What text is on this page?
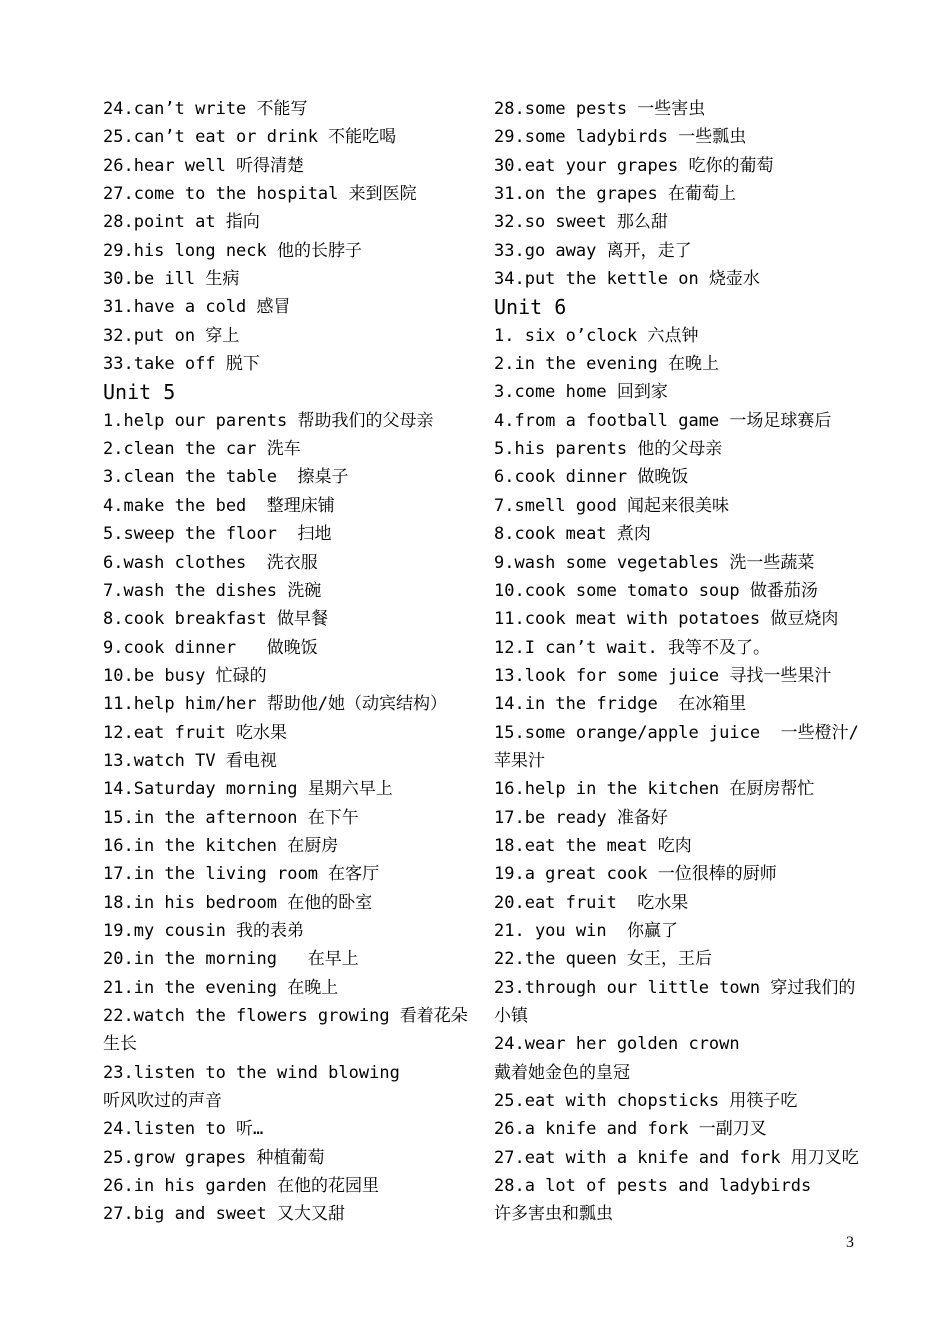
24.can’t write 不能写
25.can’t eat or drink 不能吃喝
26.hear well 听得清楚
27.come to the hospital 来到医院
28.point at 指向
29.his long neck 他的长脖子
30.be ill 生病
31.have a cold 感冒
32.put on 穿上
33.take off 脱下
Unit 5
1.help our parents 帮助我们的父母亲
2.clean the car 洗车
3.clean the table  擦桌子
4.make the bed  整理床铺
5.sweep the floor  扫地
6.wash clothes  洗衣服
7.wash the dishes 洗碗
8.cook breakfast 做早餐
9.cook dinner   做晚饭
10.be busy 忙碌的
11.help him/her 帮助他/她（动宾结构）
12.eat fruit 吃水果
13.watch TV 看电视
14.Saturday morning 星期六早上
15.in the afternoon 在下午
16.in the kitchen 在厨房
17.in the living room 在客厅
18.in his bedroom 在他的卧室
19.my cousin 我的表弟
20.in the morning   在早上
21.in the evening 在晚上
22.watch the flowers growing 看着花朵生长
23.listen to the wind blowing
听风吹过的声音
24.listen to 听…
25.grow grapes 种植葡萄
26.in his garden 在他的花园里
27.big and sweet 又大又甜
28.some pests 一些害虫
29.some ladybirds 一些瓢虫
30.eat your grapes 吃你的葡萄
31.on the grapes 在葡萄上
32.so sweet 那么甜
33.go away 离开，走了
34.put the kettle on 烧壶水
Unit 6
1. six o’clock 六点钟
2.in the evening 在晚上
3.come home 回到家
4.from a football game 一场足球赛后
5.his parents 他的父母亲
6.cook dinner 做晚饭
7.smell good 闻起来很美味
8.cook meat 煮肉
9.wash some vegetables 洗一些蔬菜
10.cook some tomato soup 做番茄汤
11.cook meat with potatoes 做豆烧肉
12.I can’t wait. 我等不及了。
13.look for some juice 寻找一些果汁
14.in the fridge  在冰箱里
15.some orange/apple juice  一些橙汁/苹果汁
16.help in the kitchen 在厨房帮忙
17.be ready 准备好
18.eat the meat 吃肉
19.a great cook 一位很棒的厨师
20.eat fruit  吃水果
21. you win  你赢了
22.the queen 女王，王后
23.through our little town 穿过我们的小镇
24.wear her golden crown
戴着她金色的皇冠
25.eat with chopsticks 用筷子吃
26.a knife and fork 一副刀叉
27.eat with a knife and fork 用刀叉吃
28.a lot of pests and ladybirds
许多害虫和瓢虫
3
